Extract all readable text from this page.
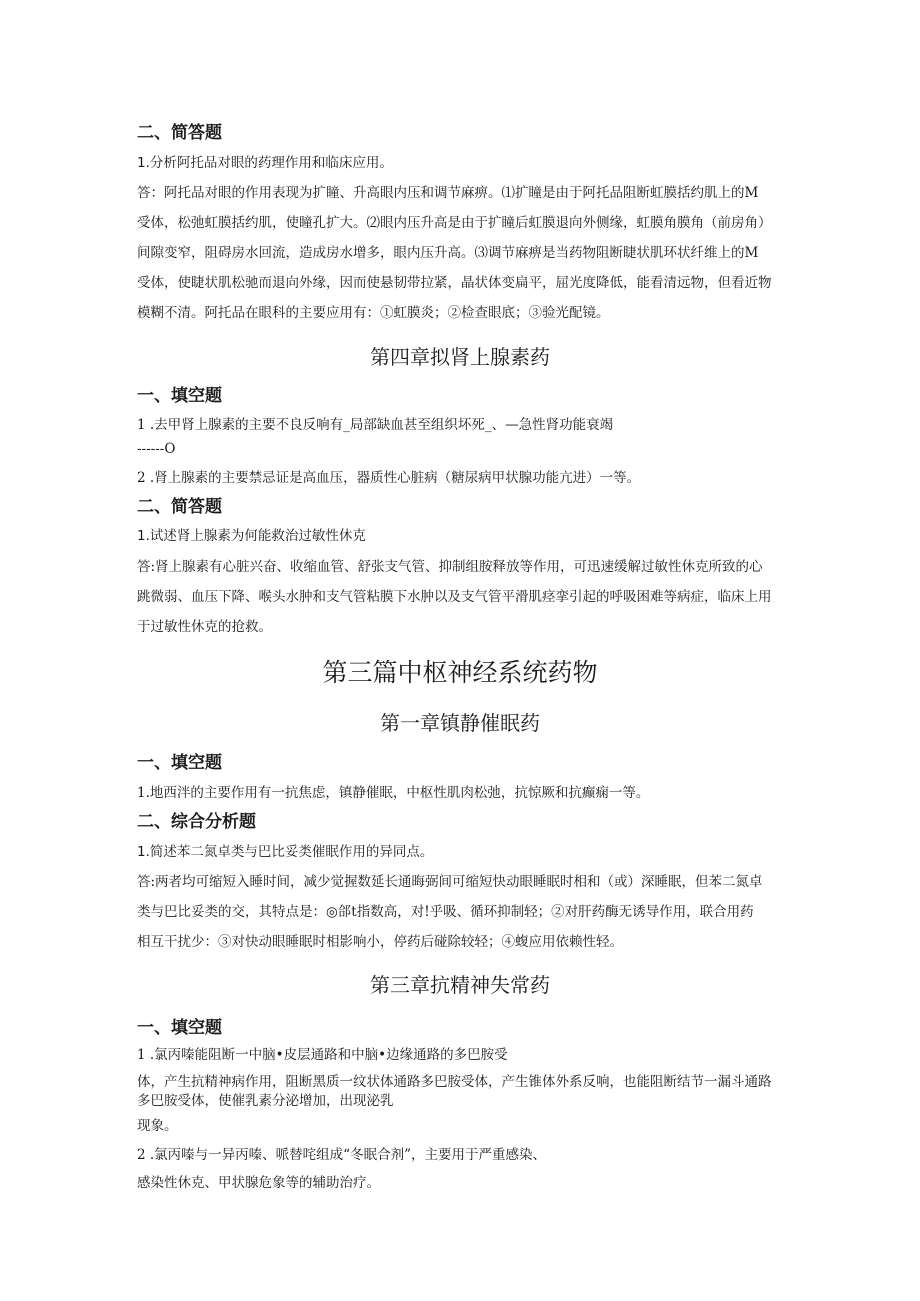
二、简答题
1.分析阿托品对眼的药理作用和临床应用。
答：阿托品对眼的作用表现为扩瞳、升高眼内压和调节麻痹。⑴扩瞳是由于阿托品阻断虹膜括约肌上的M
受体，松弛虹膜括约肌，使瞳孔扩大。⑵眼内压升高是由于扩瞳后虹膜退向外侧缘，虹膜角膜角（前房角）
间隙变窄，阻碍房水回流，造成房水增多，眼内压升高。⑶调节麻痹是当药物阻断睫状肌环状纤维上的M
受体，使睫状肌松驰而退向外缘，因而使悬韧带拉紧，晶状体变扁平，屈光度降低，能看清远物，但看近物
模糊不清。阿托品在眼科的主要应用有：①虹膜炎；②检查眼底；③验光配镜。
第四章拟肾上腺素药
一、填空题
1 .去甲肾上腺素的主要不良反响有_局部缺血甚至组织坏死_、—急性肾功能衰竭
------O
2 .肾上腺素的主要禁忌证是高血压，器质性心脏病（糖尿病甲状腺功能亢进）一等。
二、简答题
1.试述肾上腺素为何能救治过敏性休克
答:肾上腺素有心脏兴奋、收缩血管、舒张支气管、抑制组胺释放等作用，可迅速缓解过敏性休克所致的心
跳微弱、血压下降、喉头水肿和支气管粘膜下水肿以及支气管平滑肌痉挛引起的呼吸困难等病症，临床上用
于过敏性休克的抢救。
第三篇中枢神经系统药物
第一章镇静催眠药
一、填空题
1.地西泮的主要作用有一抗焦虑，镇静催眠，中枢性肌肉松弛，抗惊厥和抗癫痫一等。
二、综合分析题
1.简述苯二氮卓类与巴比妥类催眠作用的异同点。
答:两者均可缩短入睡时间，减少觉握数延长通晦弼间可缩短快动眼睡眠时相和（或）深睡眠，但苯二氮卓
类与巴比妥类的交，其特点是：◎郃t指数高，对!乎吸、循环抑制轻；②对肝药酶无诱导作用，联合用药
相互干扰少：③对快动眼睡眠时相影响小，停药后碰除较轻；④蝮应用依赖性轻。
第三章抗精神失常药
一、填空题
1 .氯丙嗪能阻断一中脑•皮层通路和中脑•边缘通路的多巴胺受
体，产生抗精神病作用，阻断黑质一纹状体通路多巴胺受体，产生锥体外系反响，也能阻断结节一漏斗通路
多巴胺受体，使催乳素分泌增加，出现泌乳
现象。
2 .氯丙嗪与一异丙嗪、哌替咤组成“冬眠合剂”，主要用于严重感染、
感染性休克、甲状腺危象等的辅助治疗。
